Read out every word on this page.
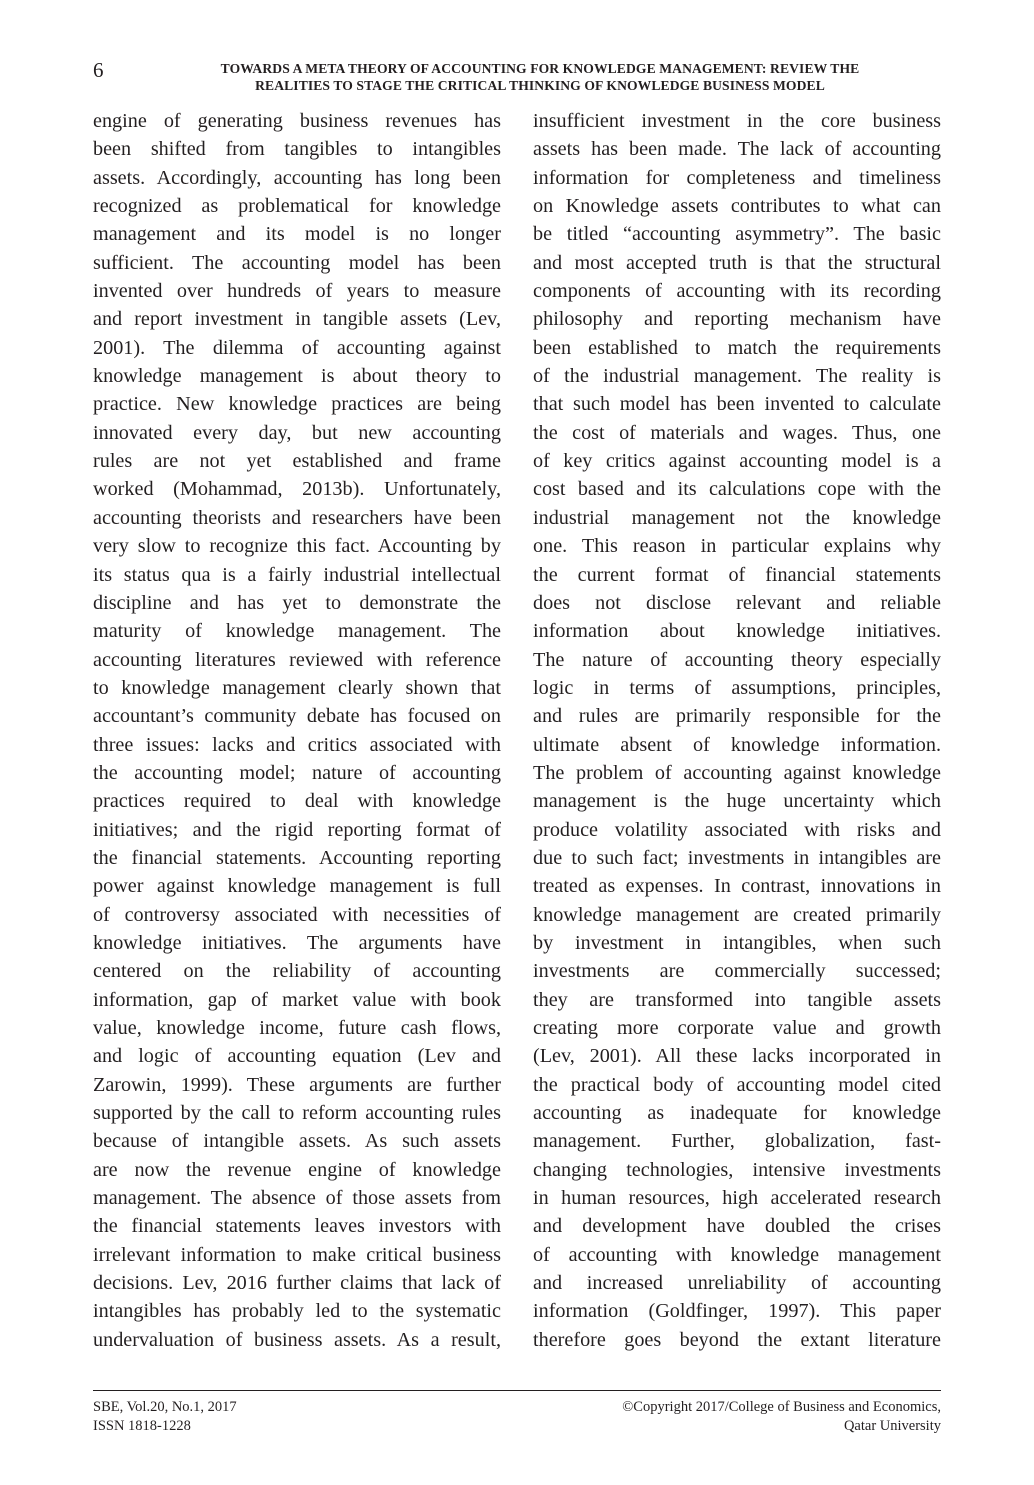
6	TOWARDS A META THEORY OF ACCOUNTING FOR KNOWLEDGE MANAGEMENT: REVIEW THE
REALITIES TO STAGE THE CRITICAL THINKING OF KNOWLEDGE BUSINESS MODEL
engine of generating business revenues has
been shifted from tangibles to intangibles
assets. Accordingly, accounting has long been
recognized as problematical for knowledge
management and its model is no longer
sufficient. The accounting model has been
invented over hundreds of years to measure
and report investment in tangible assets (Lev,
2001). The dilemma of accounting against
knowledge management is about theory to
practice. New knowledge practices are being
innovated every day, but new accounting
rules are not yet established and frame
worked (Mohammad, 2013b). Unfortunately,
accounting theorists and researchers have been
very slow to recognize this fact. Accounting by
its status qua is a fairly industrial intellectual
discipline and has yet to demonstrate the
maturity of knowledge management. The
accounting literatures reviewed with reference
to knowledge management clearly shown that
accountant’s community debate has focused on
three issues: lacks and critics associated with
the accounting model; nature of accounting
practices required to deal with knowledge
initiatives; and the rigid reporting format of
the financial statements. Accounting reporting
power against knowledge management is full
of controversy associated with necessities of
knowledge initiatives. The arguments have
centered on the reliability of accounting
information, gap of market value with book
value, knowledge income, future cash flows,
and logic of accounting equation (Lev and
Zarowin, 1999). These arguments are further
supported by the call to reform accounting rules
because of intangible assets. As such assets
are now the revenue engine of knowledge
management. The absence of those assets from
the financial statements leaves investors with
irrelevant information to make critical business
decisions. Lev, 2016 further claims that lack of
intangibles has probably led to the systematic
undervaluation of business assets. As a result,
insufficient investment in the core business
assets has been made. The lack of accounting
information for completeness and timeliness
on Knowledge assets contributes to what can
be titled “accounting asymmetry”. The basic
and most accepted truth is that the structural
components of accounting with its recording
philosophy and reporting mechanism have
been established to match the requirements
of the industrial management. The reality is
that such model has been invented to calculate
the cost of materials and wages. Thus, one
of key critics against accounting model is a
cost based and its calculations cope with the
industrial management not the knowledge
one. This reason in particular explains why
the current format of financial statements
does not disclose relevant and reliable
information about knowledge initiatives.
The nature of accounting theory especially
logic in terms of assumptions, principles,
and rules are primarily responsible for the
ultimate absent of knowledge information.
The problem of accounting against knowledge
management is the huge uncertainty which
produce volatility associated with risks and
due to such fact; investments in intangibles are
treated as expenses. In contrast, innovations in
knowledge management are created primarily
by investment in intangibles, when such
investments are commercially successed;
they are transformed into tangible assets
creating more corporate value and growth
(Lev, 2001). All these lacks incorporated in
the practical body of accounting model cited
accounting as inadequate for knowledge
management. Further, globalization, fast-
changing technologies, intensive investments
in human resources, high accelerated research
and development have doubled the crises
of accounting with knowledge management
and increased unreliability of accounting
information (Goldfinger, 1997). This paper
therefore goes beyond the extant literature
SBE, Vol.20, No.1, 2017
ISSN 1818-1228
©Copyright 2017/College of Business and Economics,
Qatar University
